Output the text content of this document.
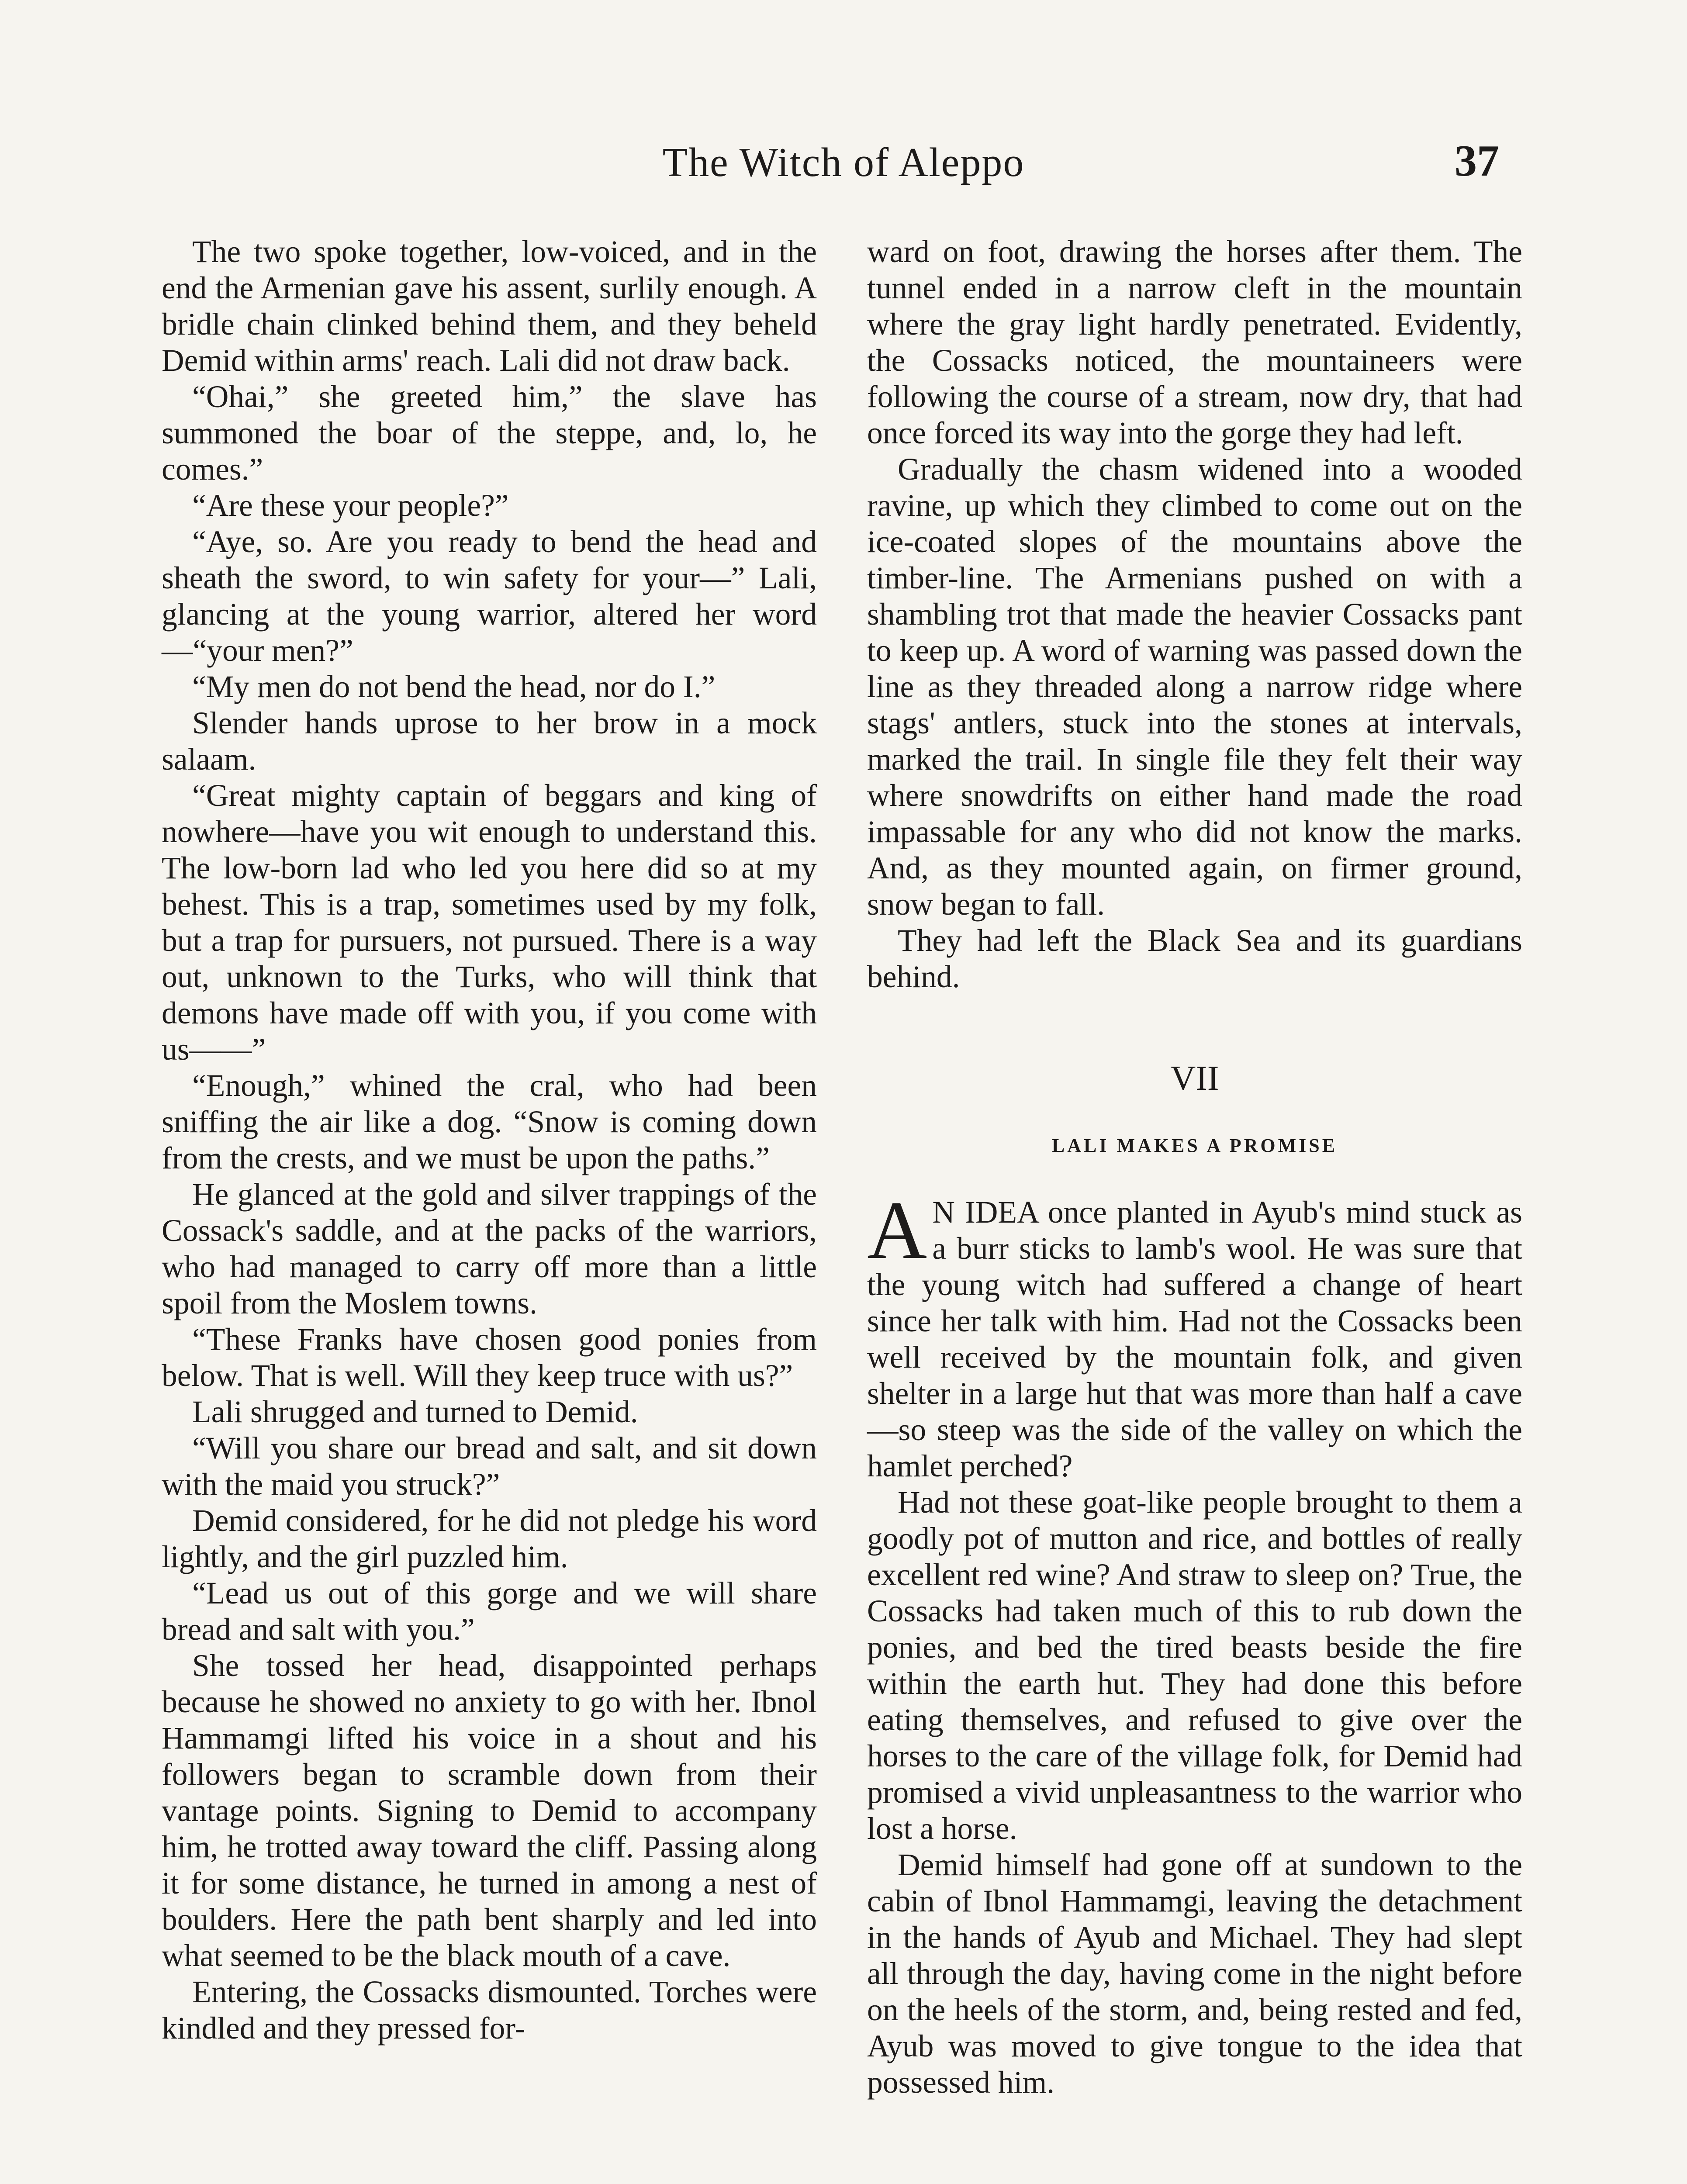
The Witch of Aleppo	37

The two spoke together, low-voiced, and in the end the Armenian gave his assent, surlily enough. A bridle chain clinked behind them, and they beheld Demid within arms' reach. Lali did not draw back.

“Ohai,” she greeted him,” the slave has summoned the boar of the steppe, and, lo, he comes.”

“Are these your people?”

“Aye, so. Are you ready to bend the head and sheath the sword, to win safety for your—” Lali, glancing at the young warrior, altered her word—“your men?”

“My men do not bend the head, nor do I.”

Slender hands uprose to her brow in a mock salaam.

“Great mighty captain of beggars and king of nowhere—have you wit enough to understand this. The low-born lad who led you here did so at my behest. This is a trap, sometimes used by my folk, but a trap for pursuers, not pursued. There is a way out, unknown to the Turks, who will think that demons have made off with you, if you come with us——”

“Enough,” whined the cral, who had been sniffing the air like a dog. “Snow is coming down from the crests, and we must be upon the paths.”

He glanced at the gold and silver trappings of the Cossack's saddle, and at the packs of the warriors, who had managed to carry off more than a little spoil from the Moslem towns.

“These Franks have chosen good ponies from below. That is well. Will they keep truce with us?”

Lali shrugged and turned to Demid.

“Will you share our bread and salt, and sit down with the maid you struck?”

Demid considered, for he did not pledge his word lightly, and the girl puzzled him.

“Lead us out of this gorge and we will share bread and salt with you.”

She tossed her head, disappointed perhaps because he showed no anxiety to go with her. Ibnol Hammamgi lifted his voice in a shout and his followers began to scramble down from their vantage points. Signing to Demid to accompany him, he trotted away toward the cliff. Passing along it for some distance, he turned in among a nest of boulders. Here the path bent sharply and led into what seemed to be the black mouth of a cave.

Entering, the Cossacks dismounted. Torches were kindled and they pressed for-

ward on foot, drawing the horses after them. The tunnel ended in a narrow cleft in the mountain where the gray light hardly penetrated. Evidently, the Cossacks noticed, the mountaineers were following the course of a stream, now dry, that had once forced its way into the gorge they had left.

Gradually the chasm widened into a wooded ravine, up which they climbed to come out on the ice-coated slopes of the mountains above the timber-line. The Armenians pushed on with a shambling trot that made the heavier Cossacks pant to keep up. A word of warning was passed down the line as they threaded along a narrow ridge where stags' antlers, stuck into the stones at intervals, marked the trail. In single file they felt their way where snowdrifts on either hand made the road impassable for any who did not know the marks. And, as they mounted again, on firmer ground, snow began to fall.

They had left the Black Sea and its guardians behind.

VII
LALI MAKES A PROMISE

A N IDEA once planted in Ayub's mind stuck as a burr sticks to lamb's wool. He was sure that the young witch had suffered a change of heart since her talk with him. Had not the Cossacks been well received by the mountain folk, and given shelter in a large hut that was more than half a cave—so steep was the side of the valley on which the hamlet perched?

Had not these goat-like people brought to them a goodly pot of mutton and rice, and bottles of really excellent red wine? And straw to sleep on? True, the Cossacks had taken much of this to rub down the ponies, and bed the tired beasts beside the fire within the earth hut. They had done this before eating themselves, and refused to give over the horses to the care of the village folk, for Demid had promised a vivid unpleasantness to the warrior who lost a horse.

Demid himself had gone off at sundown to the cabin of Ibnol Hammamgi, leaving the detachment in the hands of Ayub and Michael. They had slept all through the day, having come in the night before on the heels of the storm, and, being rested and fed, Ayub was moved to give tongue to the idea that possessed him.
